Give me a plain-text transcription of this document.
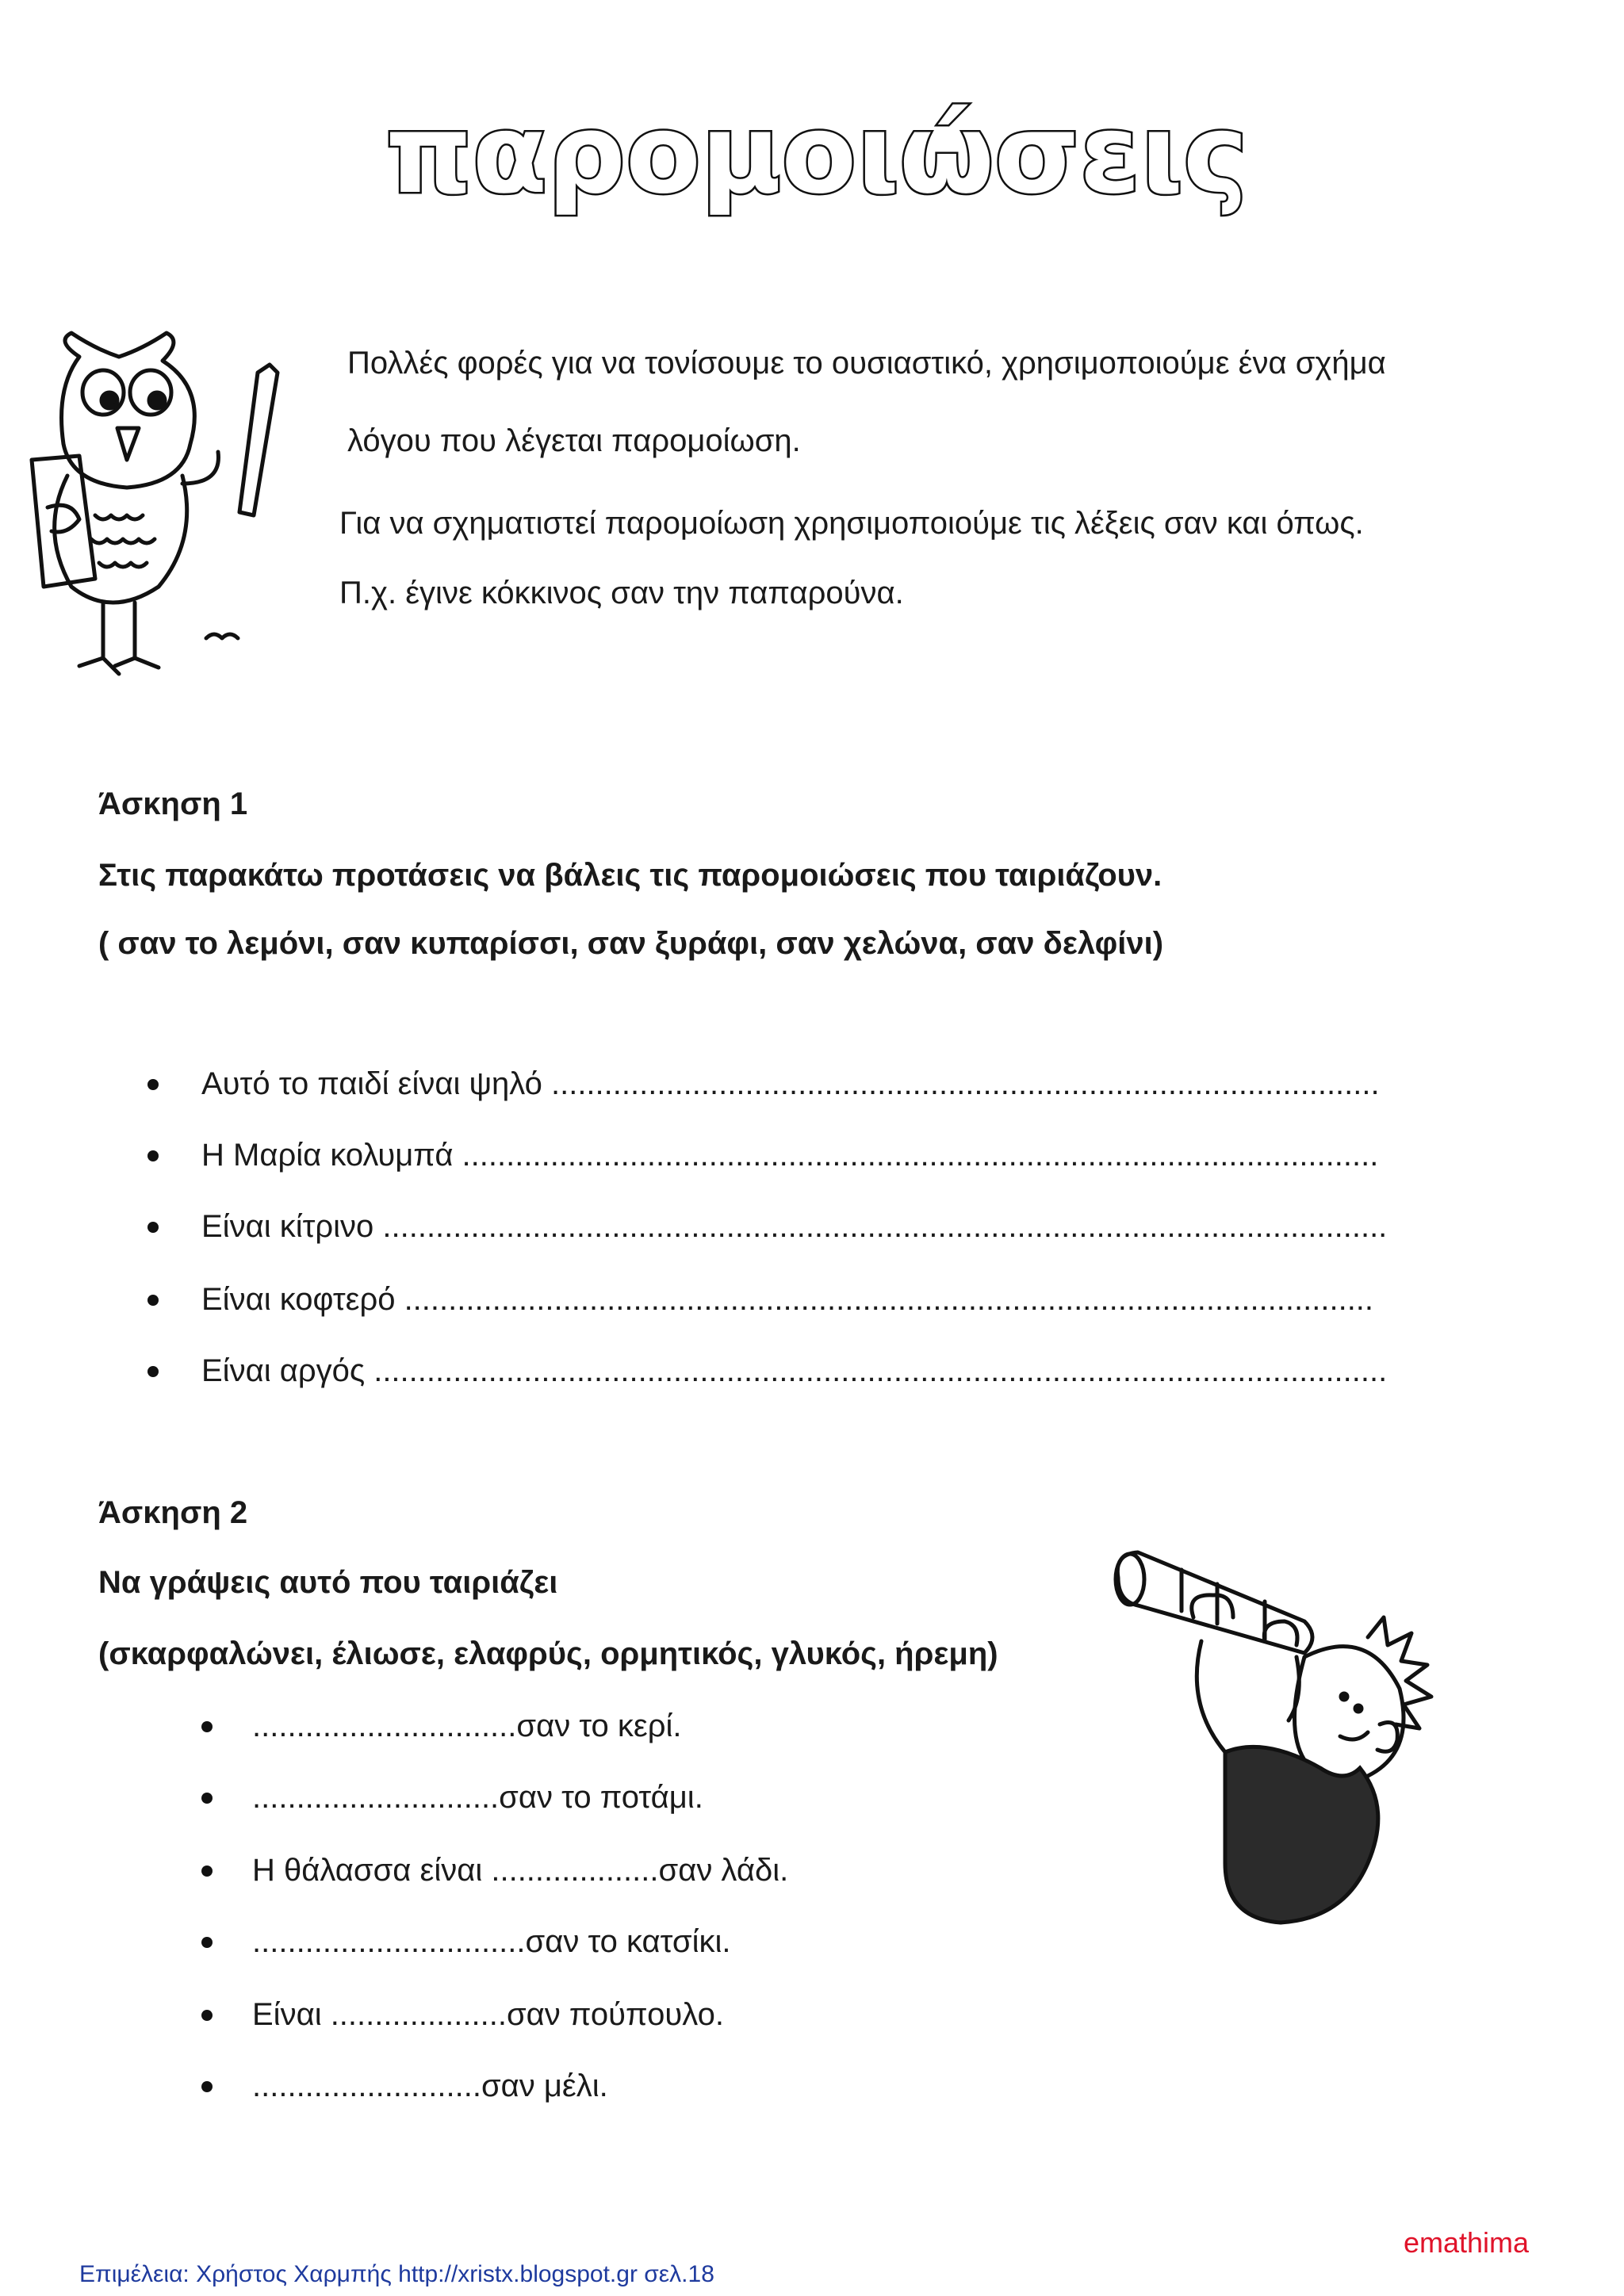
παρομοιώσεις

Πολλές φορές για να τονίσουμε το ουσιαστικό, χρησιμοποιούμε ένα σχήμα

λόγου που λέγεται παρομοίωση.

Για να σχηματιστεί παρομοίωση χρησιμοποιούμε τις λέξεις σαν και όπως.

Π.χ. έγινε κόκκινος σαν την παπαρούνα.

Άσκηση 1
Στις παρακάτω προτάσεις να βάλεις τις παρομοιώσεις που ταιριάζουν.
( σαν το λεμόνι, σαν κυπαρίσσι, σαν ξυράφι, σαν χελώνα, σαν δελφίνι)
Αυτό το παιδί είναι ψηλό ..............................................................................................
Η Μαρία κολυμπά ........................................................................................................
Είναι κίτρινο ..................................................................................................................
Είναι κοφτερό ..............................................................................................................
Είναι αργός ...................................................................................................................
Άσκηση 2
Να γράψεις αυτό που ταιριάζει
(σκαρφαλώνει, έλιωσε, ελαφρύς, ορμητικός, γλυκός, ήρεμη)
..............................σαν το κερί.
............................σαν το ποτάμι.
Η θάλασσα είναι ...................σαν λάδι.
...............................σαν το κατσίκι.
Είναι ....................σαν πούπουλο.
..........................σαν μέλι.
emathima
Επιμέλεια: Χρήστος Χαρμπής http://xristx.blogspot.gr σελ.18
